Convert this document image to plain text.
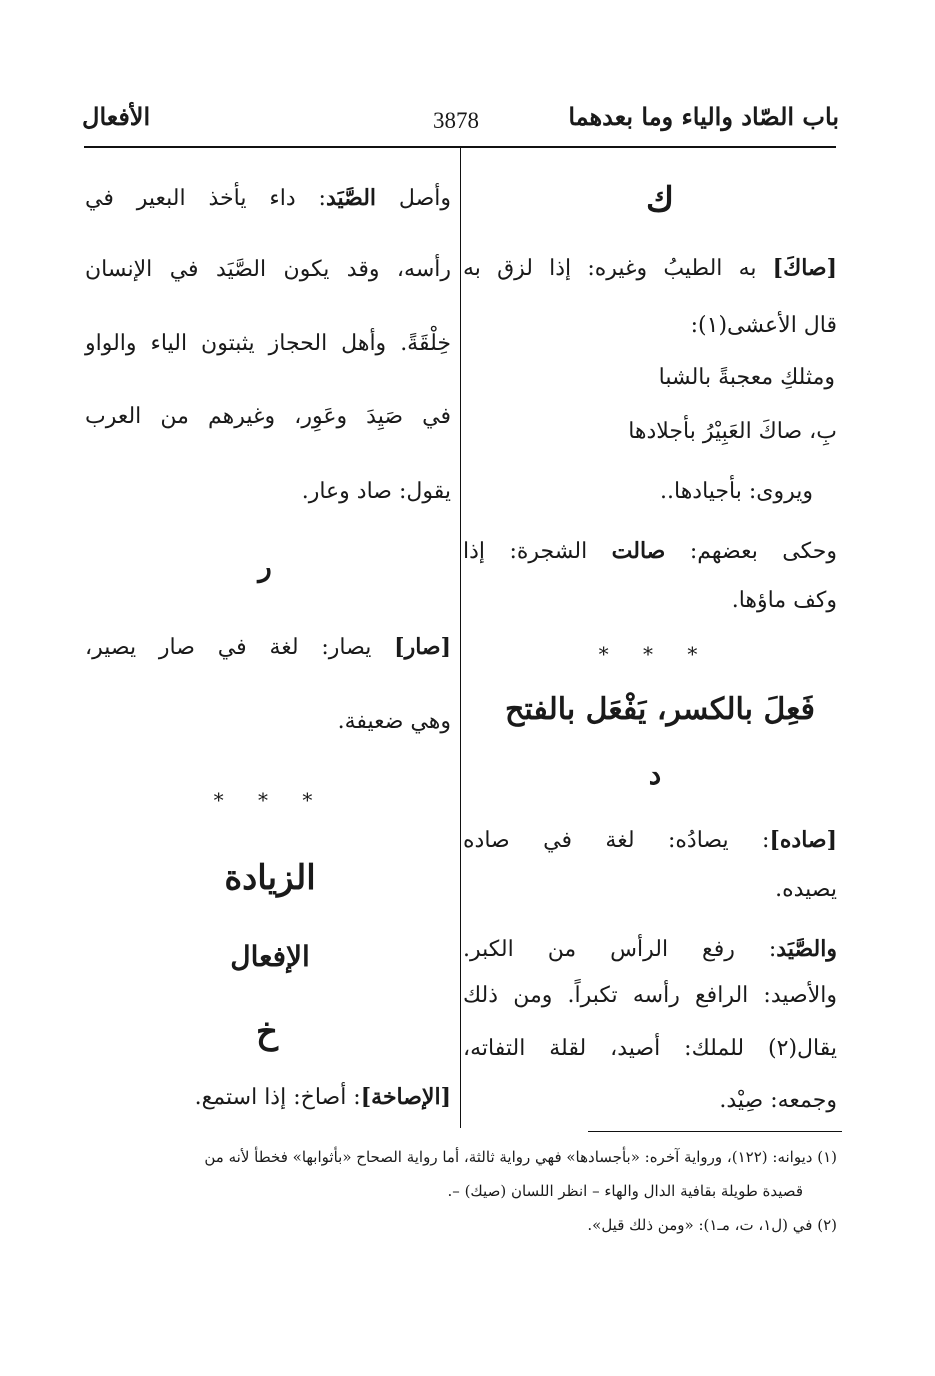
باب الصّاد والياء وما بعدهما
3878
الأفعال
ك
[صاكَ] به الطيبُ وغيره: إذا لزق به
قال الأعشى(١):
ومثلكِ معجبةً بالشبا
بِ، صاكَ العَبِيْرُ بأجلادها
ويروى: بأجيادها..
وحكى بعضهم: صالت الشجرة: إذا
وكف ماؤها.
* * *
فَعِلَ بالكسر، يَفْعَل بالفتح
د
[صاده]: يصادُه: لغة في صاده
يصيده.
والصَّيَد: رفع الرأس من الكبر.
والأصيد: الرافع رأسه تكبراً. ومن ذلك
يقال(٢) للملك: أصيد، لقلة التفاته،
وجمعه: صِيْد.
وأصل الصَّيَد: داء يأخذ البعير في
رأسه، وقد يكون الصَّيَد في الإنسان
خِلْقَةً. وأهل الحجاز يثبتون الياء والواو
في صَيِدَ وعَوِر، وغيرهم من العرب
يقول: صاد وعار.
ر
[صار] يصار: لغة في صار يصير،
وهي ضعيفة.
* * *
الزيادة
الإفعال
خ
[الإصاخة]: أصاخ: إذا استمع.
(١) ديوانه: (١٢٢)، ورواية آخره: «بأجسادها» فهي رواية ثالثة، أما رواية الصحاح «بأثوابها» فخطأ لأنه من
قصيدة طويلة بقافية الدال والهاء – انظر اللسان (صيك) –.
(٢) في (ل١، ت، مـ١): «ومن ذلك قيل».
